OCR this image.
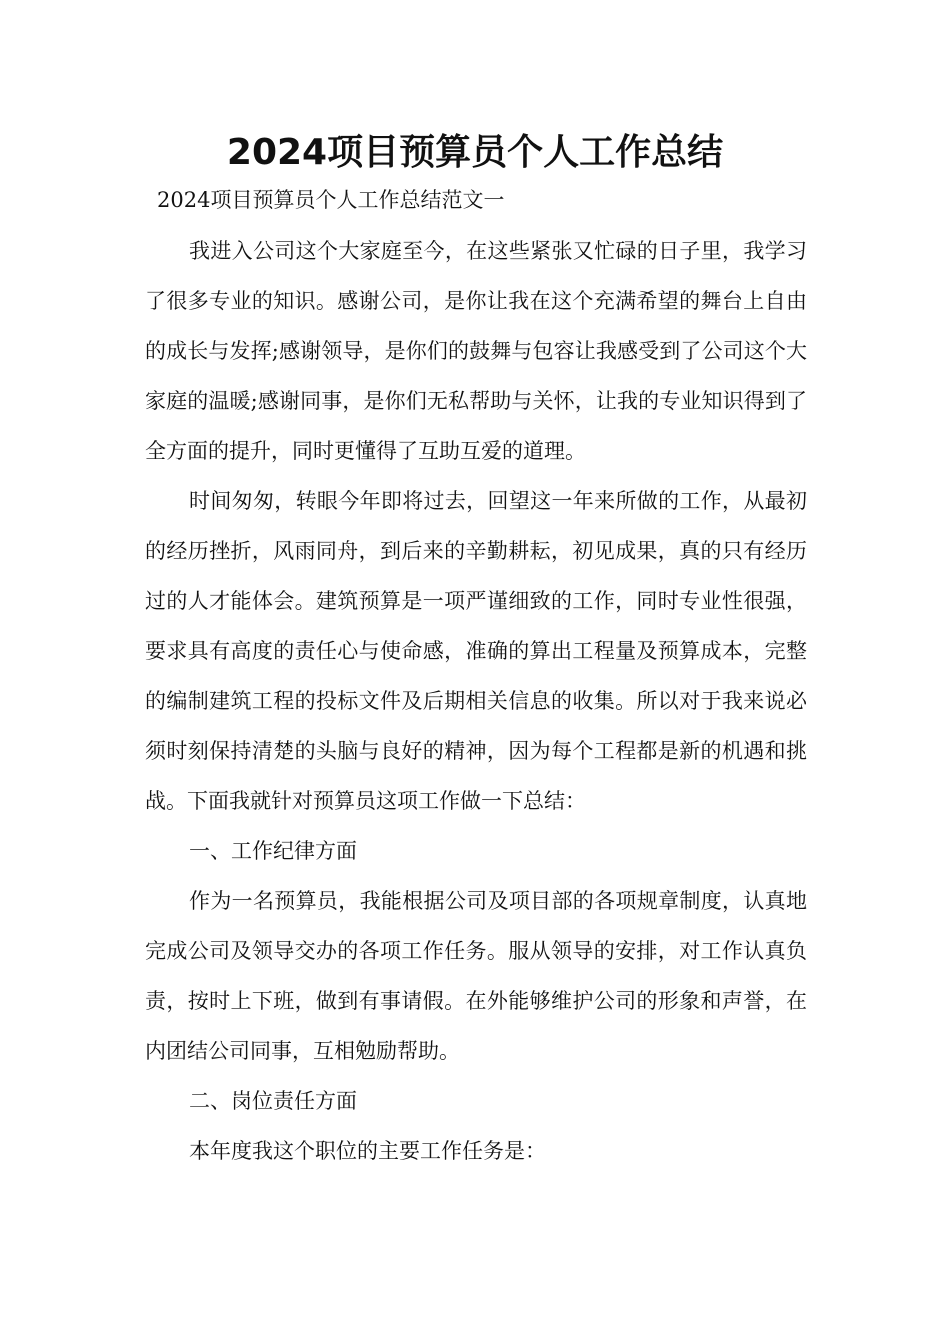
2024项目预算员个人工作总结

2024项目预算员个人工作总结范文一

我进入公司这个大家庭至今，在这些紧张又忙碌的日子里，我学习了很多专业的知识。感谢公司，是你让我在这个充满希望的舞台上自由的成长与发挥;感谢领导，是你们的鼓舞与包容让我感受到了公司这个大家庭的温暖;感谢同事，是你们无私帮助与关怀，让我的专业知识得到了全方面的提升，同时更懂得了互助互爱的道理。

时间匆匆，转眼今年即将过去，回望这一年来所做的工作，从最初的经历挫折，风雨同舟，到后来的辛勤耕耘，初见成果，真的只有经历过的人才能体会。建筑预算是一项严谨细致的工作，同时专业性很强，要求具有高度的责任心与使命感，准确的算出工程量及预算成本，完整的编制建筑工程的投标文件及后期相关信息的收集。所以对于我来说必须时刻保持清楚的头脑与良好的精神，因为每个工程都是新的机遇和挑战。下面我就针对预算员这项工作做一下总结：

一、工作纪律方面

作为一名预算员，我能根据公司及项目部的各项规章制度，认真地完成公司及领导交办的各项工作任务。服从领导的安排，对工作认真负责，按时上下班，做到有事请假。在外能够维护公司的形象和声誉，在内团结公司同事，互相勉励帮助。

二、岗位责任方面

本年度我这个职位的主要工作任务是：
